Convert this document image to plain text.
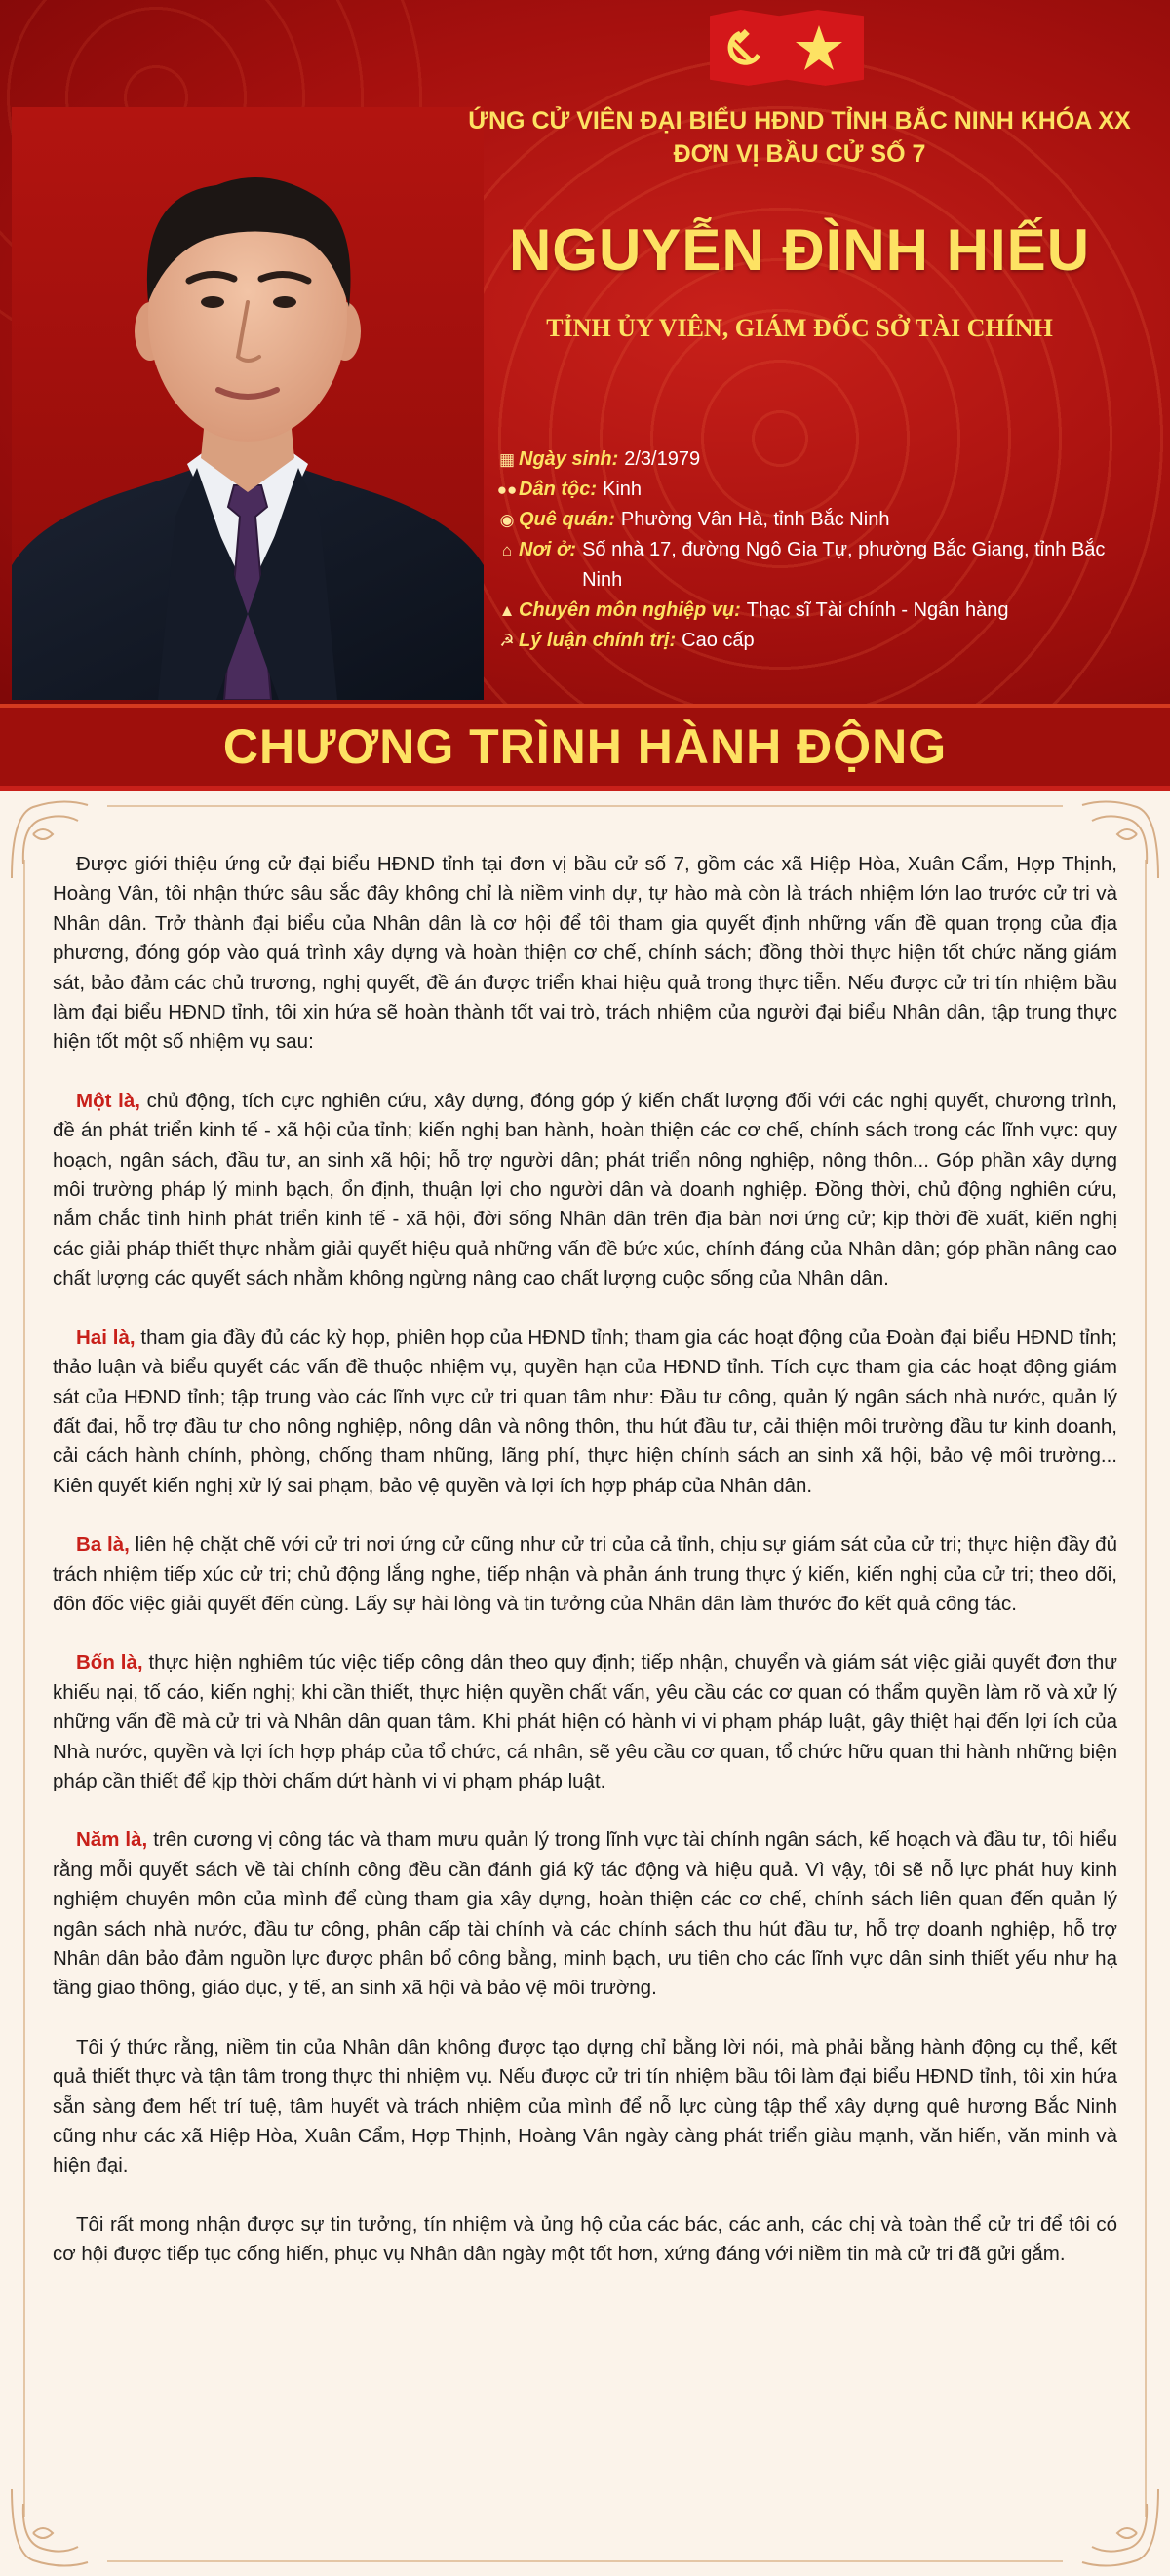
ỨNG CỬ VIÊN ĐẠI BIỂU HĐND TỈNH BẮC NINH KHÓA XX
ĐƠN VỊ BẦU CỬ SỐ 7
NGUYỄN ĐÌNH HIẾU
TỈNH ỦY VIÊN, GIÁM ĐỐC SỞ TÀI CHÍNH
▦ Ngày sinh: 2/3/1979
●● Dân tộc: Kinh
◉ Quê quán: Phường Vân Hà, tỉnh Bắc Ninh
⌂ Nơi ở: Số nhà 17, đường Ngô Gia Tự, phường Bắc Giang, tỉnh Bắc Ninh
▲ Chuyên môn nghiệp vụ: Thạc sĩ Tài chính - Ngân hàng
☭ Lý luận chính trị: Cao cấp
CHƯƠNG TRÌNH HÀNH ĐỘNG

Được giới thiệu ứng cử đại biểu HĐND tỉnh tại đơn vị bầu cử số 7, gồm các xã Hiệp Hòa, Xuân Cẩm, Hợp Thịnh, Hoàng Vân, tôi nhận thức sâu sắc đây không chỉ là niềm vinh dự, tự hào mà còn là trách nhiệm lớn lao trước cử tri và Nhân dân. Trở thành đại biểu của Nhân dân là cơ hội để tôi tham gia quyết định những vấn đề quan trọng của địa phương, đóng góp vào quá trình xây dựng và hoàn thiện cơ chế, chính sách; đồng thời thực hiện tốt chức năng giám sát, bảo đảm các chủ trương, nghị quyết, đề án được triển khai hiệu quả trong thực tiễn. Nếu được cử tri tín nhiệm bầu làm đại biểu HĐND tỉnh, tôi xin hứa sẽ hoàn thành tốt vai trò, trách nhiệm của người đại biểu Nhân dân, tập trung thực hiện tốt một số nhiệm vụ sau:

Một là, chủ động, tích cực nghiên cứu, xây dựng, đóng góp ý kiến chất lượng đối với các nghị quyết, chương trình, đề án phát triển kinh tế - xã hội của tỉnh; kiến nghị ban hành, hoàn thiện các cơ chế, chính sách trong các lĩnh vực: quy hoạch, ngân sách, đầu tư, an sinh xã hội; hỗ trợ người dân; phát triển nông nghiệp, nông thôn... Góp phần xây dựng môi trường pháp lý minh bạch, ổn định, thuận lợi cho người dân và doanh nghiệp. Đồng thời, chủ động nghiên cứu, nắm chắc tình hình phát triển kinh tế - xã hội, đời sống Nhân dân trên địa bàn nơi ứng cử; kịp thời đề xuất, kiến nghị các giải pháp thiết thực nhằm giải quyết hiệu quả những vấn đề bức xúc, chính đáng của Nhân dân; góp phần nâng cao chất lượng các quyết sách nhằm không ngừng nâng cao chất lượng cuộc sống của Nhân dân.

Hai là, tham gia đầy đủ các kỳ họp, phiên họp của HĐND tỉnh; tham gia các hoạt động của Đoàn đại biểu HĐND tỉnh; thảo luận và biểu quyết các vấn đề thuộc nhiệm vụ, quyền hạn của HĐND tỉnh. Tích cực tham gia các hoạt động giám sát của HĐND tỉnh; tập trung vào các lĩnh vực cử tri quan tâm như: Đầu tư công, quản lý ngân sách nhà nước, quản lý đất đai, hỗ trợ đầu tư cho nông nghiệp, nông dân và nông thôn, thu hút đầu tư, cải thiện môi trường đầu tư kinh doanh, cải cách hành chính, phòng, chống tham nhũng, lãng phí, thực hiện chính sách an sinh xã hội, bảo vệ môi trường... Kiên quyết kiến nghị xử lý sai phạm, bảo vệ quyền và lợi ích hợp pháp của Nhân dân.

Ba là, liên hệ chặt chẽ với cử tri nơi ứng cử cũng như cử tri của cả tỉnh, chịu sự giám sát của cử tri; thực hiện đầy đủ trách nhiệm tiếp xúc cử tri; chủ động lắng nghe, tiếp nhận và phản ánh trung thực ý kiến, kiến nghị của cử tri; theo dõi, đôn đốc việc giải quyết đến cùng. Lấy sự hài lòng và tin tưởng của Nhân dân làm thước đo kết quả công tác.

Bốn là, thực hiện nghiêm túc việc tiếp công dân theo quy định; tiếp nhận, chuyển và giám sát việc giải quyết đơn thư khiếu nại, tố cáo, kiến nghị; khi cần thiết, thực hiện quyền chất vấn, yêu cầu các cơ quan có thẩm quyền làm rõ và xử lý những vấn đề mà cử tri và Nhân dân quan tâm. Khi phát hiện có hành vi vi phạm pháp luật, gây thiệt hại đến lợi ích của Nhà nước, quyền và lợi ích hợp pháp của tổ chức, cá nhân, sẽ yêu cầu cơ quan, tổ chức hữu quan thi hành những biện pháp cần thiết để kịp thời chấm dứt hành vi vi phạm pháp luật.

Năm là, trên cương vị công tác và tham mưu quản lý trong lĩnh vực tài chính ngân sách, kế hoạch và đầu tư, tôi hiểu rằng mỗi quyết sách về tài chính công đều cần đánh giá kỹ tác động và hiệu quả. Vì vậy, tôi sẽ nỗ lực phát huy kinh nghiệm chuyên môn của mình để cùng tham gia xây dựng, hoàn thiện các cơ chế, chính sách liên quan đến quản lý ngân sách nhà nước, đầu tư công, phân cấp tài chính và các chính sách thu hút đầu tư, hỗ trợ doanh nghiệp, hỗ trợ Nhân dân bảo đảm nguồn lực được phân bổ công bằng, minh bạch, ưu tiên cho các lĩnh vực dân sinh thiết yếu như hạ tầng giao thông, giáo dục, y tế, an sinh xã hội và bảo vệ môi trường.

Tôi ý thức rằng, niềm tin của Nhân dân không được tạo dựng chỉ bằng lời nói, mà phải bằng hành động cụ thể, kết quả thiết thực và tận tâm trong thực thi nhiệm vụ. Nếu được cử tri tín nhiệm bầu tôi làm đại biểu HĐND tỉnh, tôi xin hứa sẵn sàng đem hết trí tuệ, tâm huyết và trách nhiệm của mình để nỗ lực cùng tập thể xây dựng quê hương Bắc Ninh cũng như các xã Hiệp Hòa, Xuân Cẩm, Hợp Thịnh, Hoàng Vân ngày càng phát triển giàu mạnh, văn hiến, văn minh và hiện đại.

Tôi rất mong nhận được sự tin tưởng, tín nhiệm và ủng hộ của các bác, các anh, các chị và toàn thể cử tri để tôi có cơ hội được tiếp tục cống hiến, phục vụ Nhân dân ngày một tốt hơn, xứng đáng với niềm tin mà cử tri đã gửi gắm.
